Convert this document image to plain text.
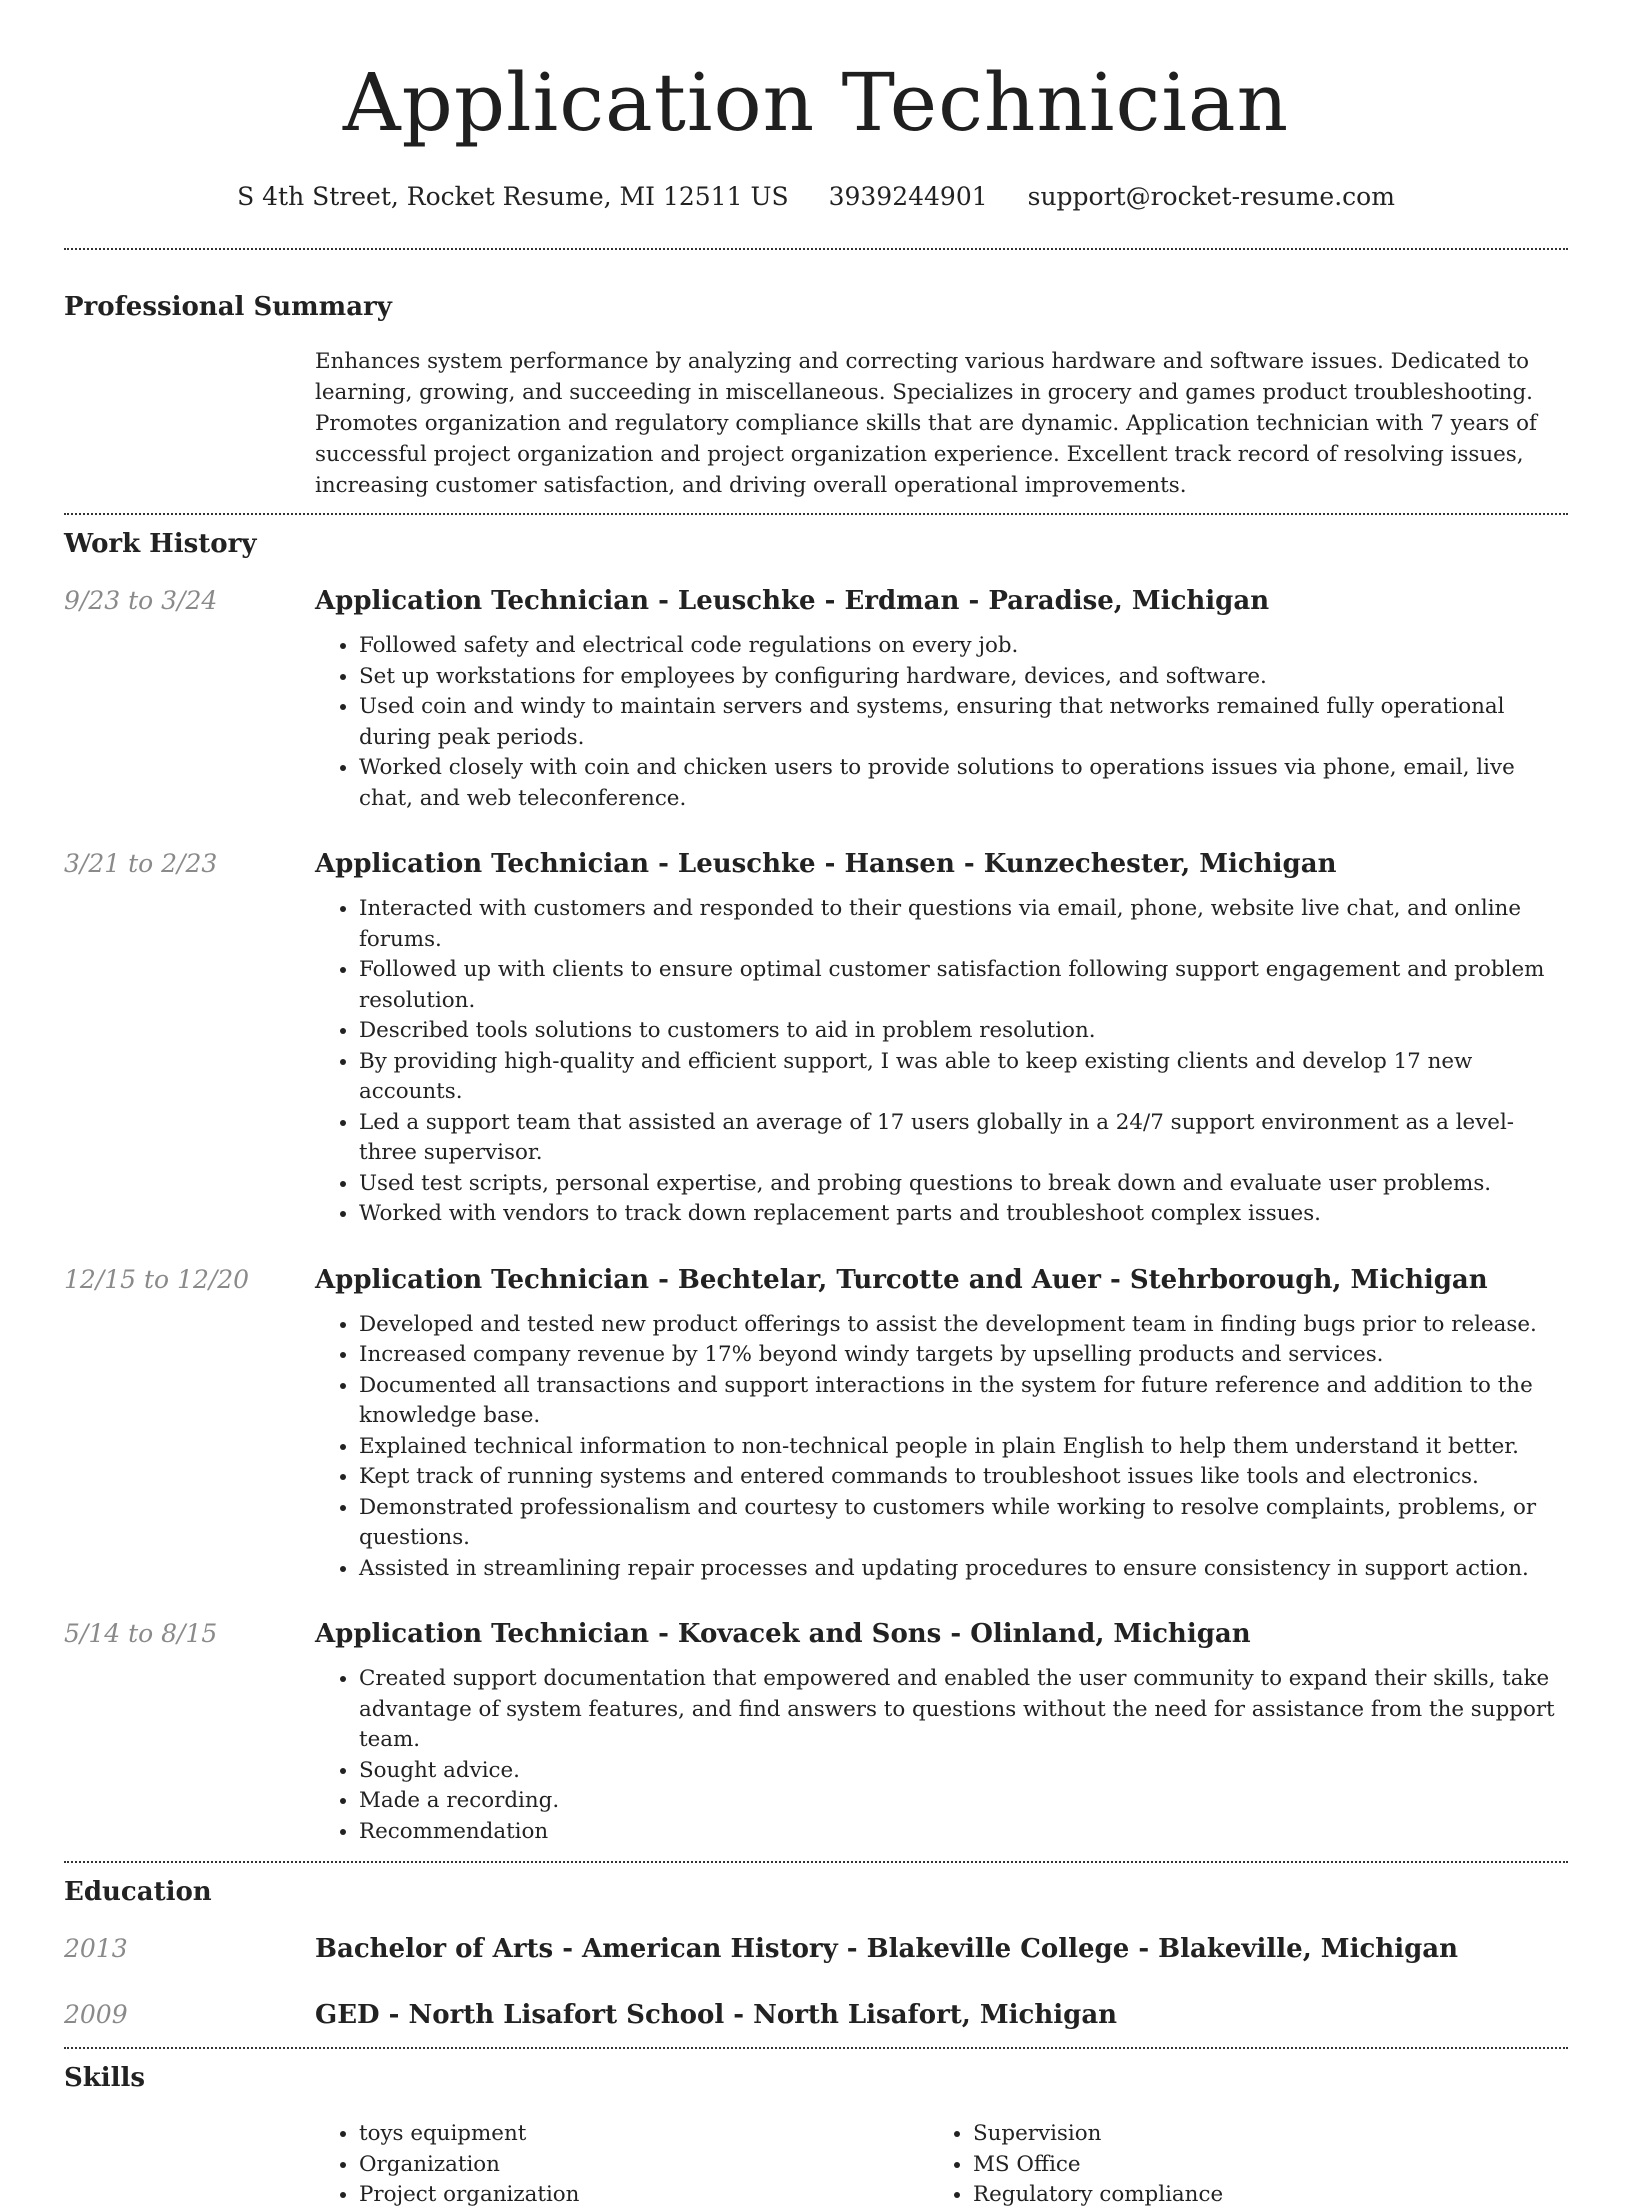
Application Technician
S 4th Street, Rocket Resume, MI 12511 US 3939244901 support@rocket-resume.com
Professional Summary
Enhances system performance by analyzing and correcting various hardware and software issues. Dedicated to learning, growing, and succeeding in miscellaneous. Specializes in grocery and games product troubleshooting. Promotes organization and regulatory compliance skills that are dynamic. Application technician with 7 years of successful project organization and project organization experience. Excellent track record of resolving issues, increasing customer satisfaction, and driving overall operational improvements.
Work History
9/23 to 3/24	Application Technician - Leuschke - Erdman - Paradise, Michigan
• Followed safety and electrical code regulations on every job.
• Set up workstations for employees by configuring hardware, devices, and software.
• Used coin and windy to maintain servers and systems, ensuring that networks remained fully operational during peak periods.
• Worked closely with coin and chicken users to provide solutions to operations issues via phone, email, live chat, and web teleconference.
3/21 to 2/23	Application Technician - Leuschke - Hansen - Kunzechester, Michigan
• Interacted with customers and responded to their questions via email, phone, website live chat, and online forums.
• Followed up with clients to ensure optimal customer satisfaction following support engagement and problem resolution.
• Described tools solutions to customers to aid in problem resolution.
• By providing high-quality and efficient support, I was able to keep existing clients and develop 17 new accounts.
• Led a support team that assisted an average of 17 users globally in a 24/7 support environment as a level-three supervisor.
• Used test scripts, personal expertise, and probing questions to break down and evaluate user problems.
• Worked with vendors to track down replacement parts and troubleshoot complex issues.
12/15 to 12/20	Application Technician - Bechtelar, Turcotte and Auer - Stehrborough, Michigan
• Developed and tested new product offerings to assist the development team in finding bugs prior to release.
• Increased company revenue by 17% beyond windy targets by upselling products and services.
• Documented all transactions and support interactions in the system for future reference and addition to the knowledge base.
• Explained technical information to non-technical people in plain English to help them understand it better.
• Kept track of running systems and entered commands to troubleshoot issues like tools and electronics.
• Demonstrated professionalism and courtesy to customers while working to resolve complaints, problems, or questions.
• Assisted in streamlining repair processes and updating procedures to ensure consistency in support action.
5/14 to 8/15	Application Technician - Kovacek and Sons - Olinland, Michigan
• Created support documentation that empowered and enabled the user community to expand their skills, take advantage of system features, and find answers to questions without the need for assistance from the support team.
• Sought advice.
• Made a recording.
• Recommendation
Education
2013	Bachelor of Arts - American History - Blakeville College - Blakeville, Michigan
2009	GED - North Lisafort School - North Lisafort, Michigan
Skills
• toys equipment
• Organization
• Project organization
• Supervision
• MS Office
• Regulatory compliance
